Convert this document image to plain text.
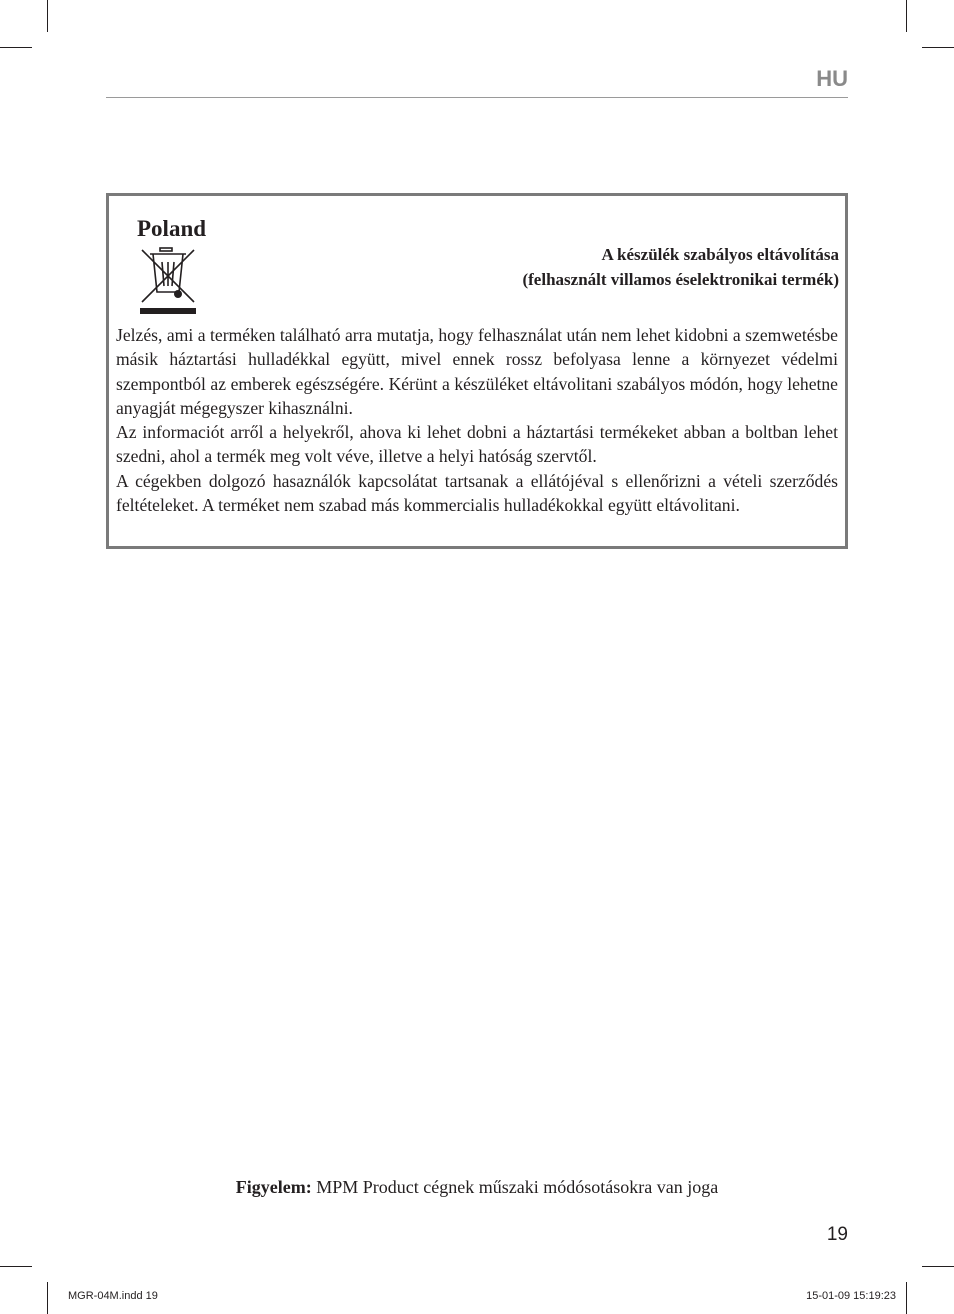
HU
Poland
A készülék szabályos eltávolítása
(felhasznált villamos éselektronikai termék)

Jelzés, ami a terméken található arra mutatja, hogy felhasználat után nem lehet kidobni a szemwetésbe másik háztartási hulladékkal együtt, mivel ennek rossz befolyasa lenne a környezet védelmi szempontból az emberek egészségére. Kérünt a készüléket eltávolitani szabályos módón, hogy lehetne anyagját mégegyszer kihasználni.

Az informaciót arről a helyekről, ahova ki lehet dobni a háztartási termékeket abban a boltban lehet szedni, ahol a termék meg volt véve, illetve a helyi hatóság szervtől.

A cégekben dolgozó hasaználók kapcsolátat tartsanak a ellátójéval s ellenőrizni a vételi szerződés feltételeket. A terméket nem szabad más kommercialis hulladékokkal együtt eltávolitani.

Figyelem: MPM Product cégnek műszaki módósotásokra van joga
19
MGR-04M.indd 19	15-01-09 15:19:23
